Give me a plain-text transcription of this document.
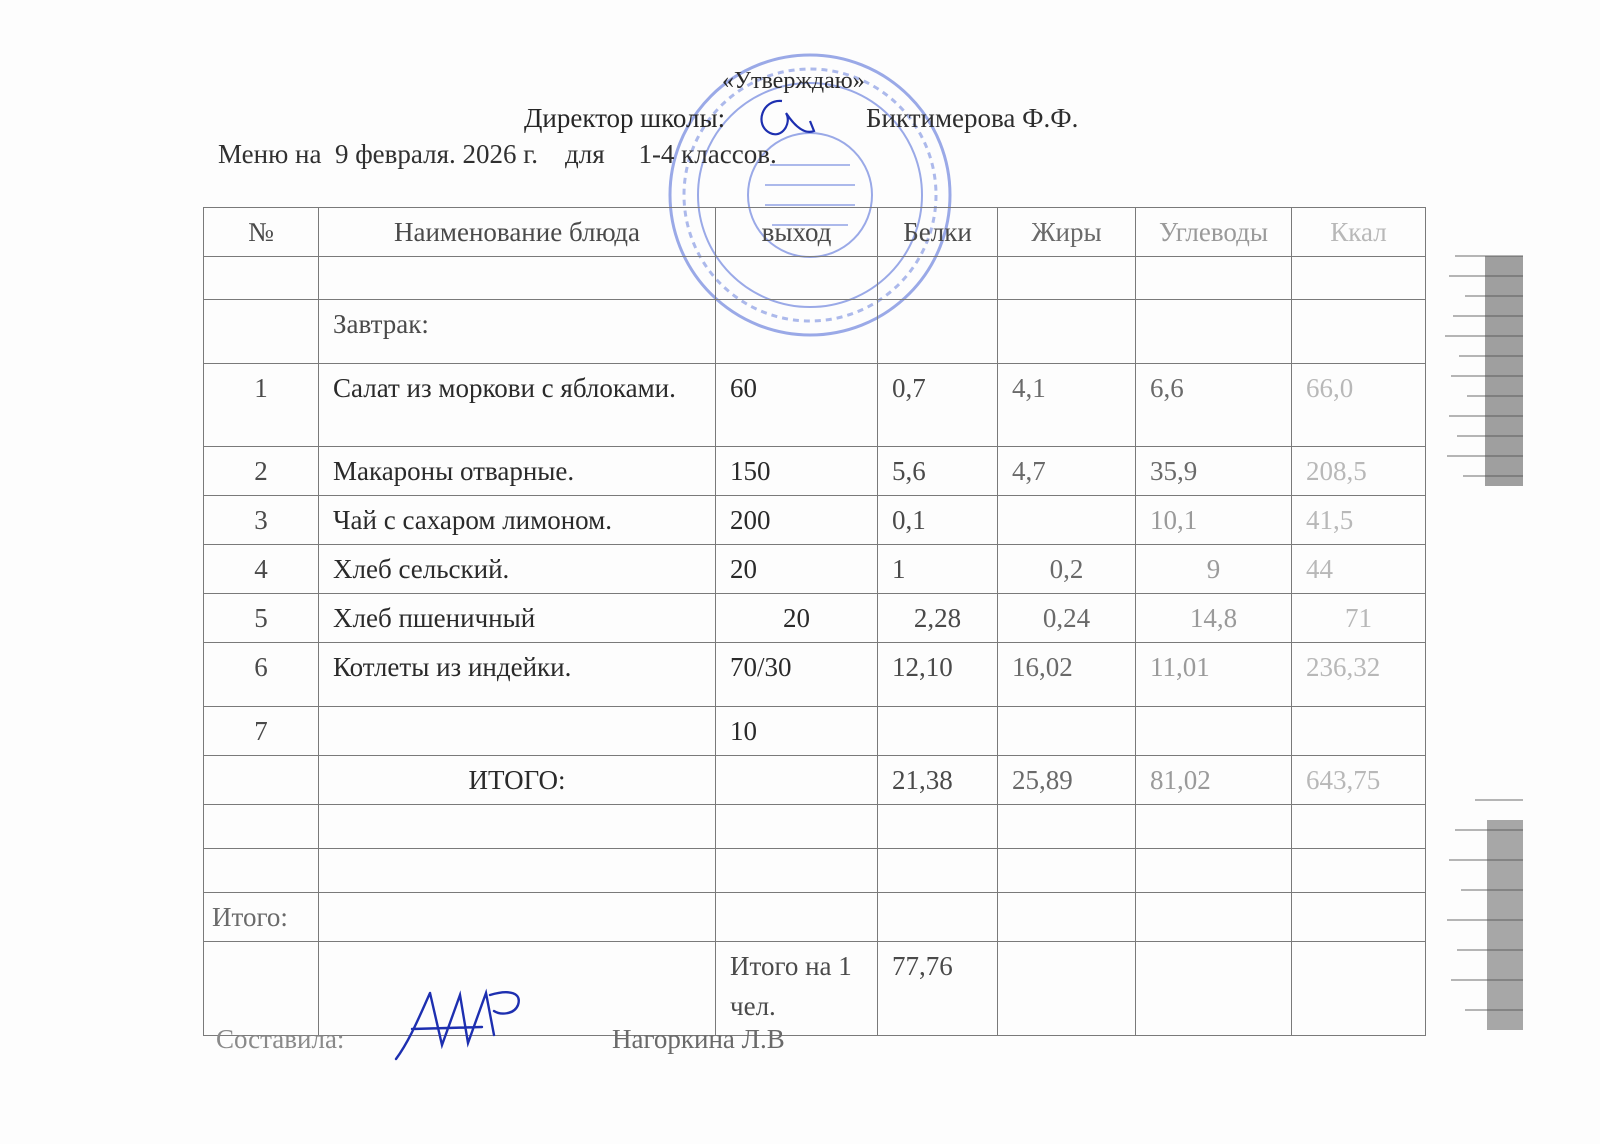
«Утверждаю»
Директор школы:	Биктимерова Ф.Ф.
Меню на  9 февраля. 2026 г.    для     1-4 классов.
№	Наименование блюда	выход	Белки	Жиры	Углеводы	Ккал

	Завтрак:					
1	Салат из моркови с яблоками.	60	0,7	4,1	6,6	66,0
2	Макароны отварные.	150	5,6	4,7	35,9	208,5
3	Чай с сахаром лимоном.	200	0,1		10,1	41,5
4	Хлеб сельский.	20	1	0,2	9	44
5	Хлеб пшеничный	20	2,28	0,24	14,8	71
6	Котлеты из индейки.	70/30	12,10	16,02	11,01	236,32
7		10				
	ИТОГО:		21,38	25,89	81,02	643,75

Итого:						
		Итого на 1 чел.	77,76			
Составила:	Нагоркина Л.В
